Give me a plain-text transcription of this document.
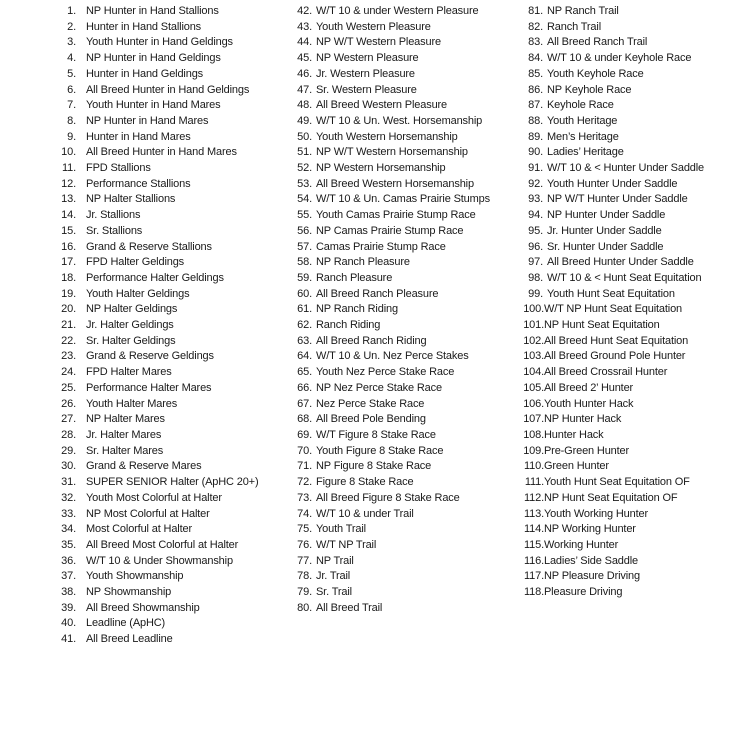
1. NP Hunter in Hand Stallions
2. Hunter in Hand Stallions
3. Youth Hunter in Hand Geldings
4. NP Hunter in Hand Geldings
5. Hunter in Hand Geldings
6. All Breed Hunter in Hand Geldings
7. Youth Hunter in Hand Mares
8. NP Hunter in Hand Mares
9. Hunter in Hand Mares
10. All Breed Hunter in Hand Mares
11. FPD Stallions
12. Performance Stallions
13. NP Halter Stallions
14. Jr. Stallions
15. Sr. Stallions
16. Grand & Reserve Stallions
17. FPD Halter Geldings
18. Performance Halter Geldings
19. Youth Halter Geldings
20. NP Halter Geldings
21. Jr. Halter Geldings
22. Sr. Halter Geldings
23. Grand & Reserve Geldings
24. FPD Halter Mares
25. Performance Halter Mares
26. Youth Halter Mares
27. NP Halter Mares
28. Jr. Halter Mares
29. Sr. Halter Mares
30. Grand & Reserve Mares
31. SUPER SENIOR Halter (ApHC 20+)
32. Youth Most Colorful at Halter
33. NP Most Colorful at Halter
34. Most Colorful at Halter
35. All Breed Most Colorful at Halter
36. W/T 10 & Under Showmanship
37. Youth Showmanship
38. NP Showmanship
39. All Breed Showmanship
40. Leadline (ApHC)
41. All Breed Leadline
42. W/T 10 & under Western Pleasure
43. Youth Western Pleasure
44. NP W/T Western Pleasure
45. NP Western Pleasure
46. Jr. Western Pleasure
47. Sr. Western Pleasure
48. All Breed Western Pleasure
49. W/T 10 & Un. West. Horsemanship
50. Youth Western Horsemanship
51. NP W/T Western Horsemanship
52. NP Western Horsemanship
53. All Breed Western Horsemanship
54. W/T 10 & Un. Camas Prairie Stumps
55. Youth Camas Prairie Stump Race
56. NP Camas Prairie Stump Race
57. Camas Prairie Stump Race
58. NP Ranch Pleasure
59. Ranch Pleasure
60. All Breed Ranch Pleasure
61. NP Ranch Riding
62. Ranch Riding
63. All Breed Ranch Riding
64. W/T 10 & Un. Nez Perce Stakes
65. Youth Nez Perce Stake Race
66. NP Nez Perce Stake Race
67. Nez Perce Stake Race
68. All Breed Pole Bending
69. W/T Figure 8 Stake Race
70. Youth Figure 8 Stake Race
71. NP Figure 8 Stake Race
72. Figure 8 Stake Race
73. All Breed Figure 8 Stake Race
74. W/T 10 & under Trail
75. Youth Trail
76. W/T NP Trail
77. NP Trail
78. Jr. Trail
79. Sr. Trail
80. All Breed Trail
81. NP Ranch Trail
82. Ranch Trail
83. All Breed Ranch Trail
84. W/T 10 & under Keyhole Race
85. Youth Keyhole Race
86. NP Keyhole Race
87. Keyhole Race
88. Youth Heritage
89. Men’s Heritage
90. Ladies’ Heritage
91. W/T 10 & < Hunter Under Saddle
92. Youth Hunter Under Saddle
93. NP W/T Hunter Under Saddle
94. NP Hunter Under Saddle
95. Jr. Hunter Under Saddle
96. Sr. Hunter Under Saddle
97. All Breed Hunter Under Saddle
98. W/T 10 & < Hunt Seat Equitation
99. Youth Hunt Seat Equitation
100. W/T NP Hunt Seat Equitation
101. NP Hunt Seat Equitation
102. All Breed Hunt Seat Equitation
103. All Breed Ground Pole Hunter
104. All Breed Crossrail Hunter
105. All Breed 2’ Hunter
106. Youth Hunter Hack
107. NP Hunter Hack
108. Hunter Hack
109. Pre-Green Hunter
110. Green Hunter
111. Youth Hunt Seat Equitation OF
112. NP Hunt Seat Equitation OF
113. Youth Working Hunter
114. NP Working Hunter
115. Working Hunter
116. Ladies’ Side Saddle
117. NP Pleasure Driving
118. Pleasure Driving
